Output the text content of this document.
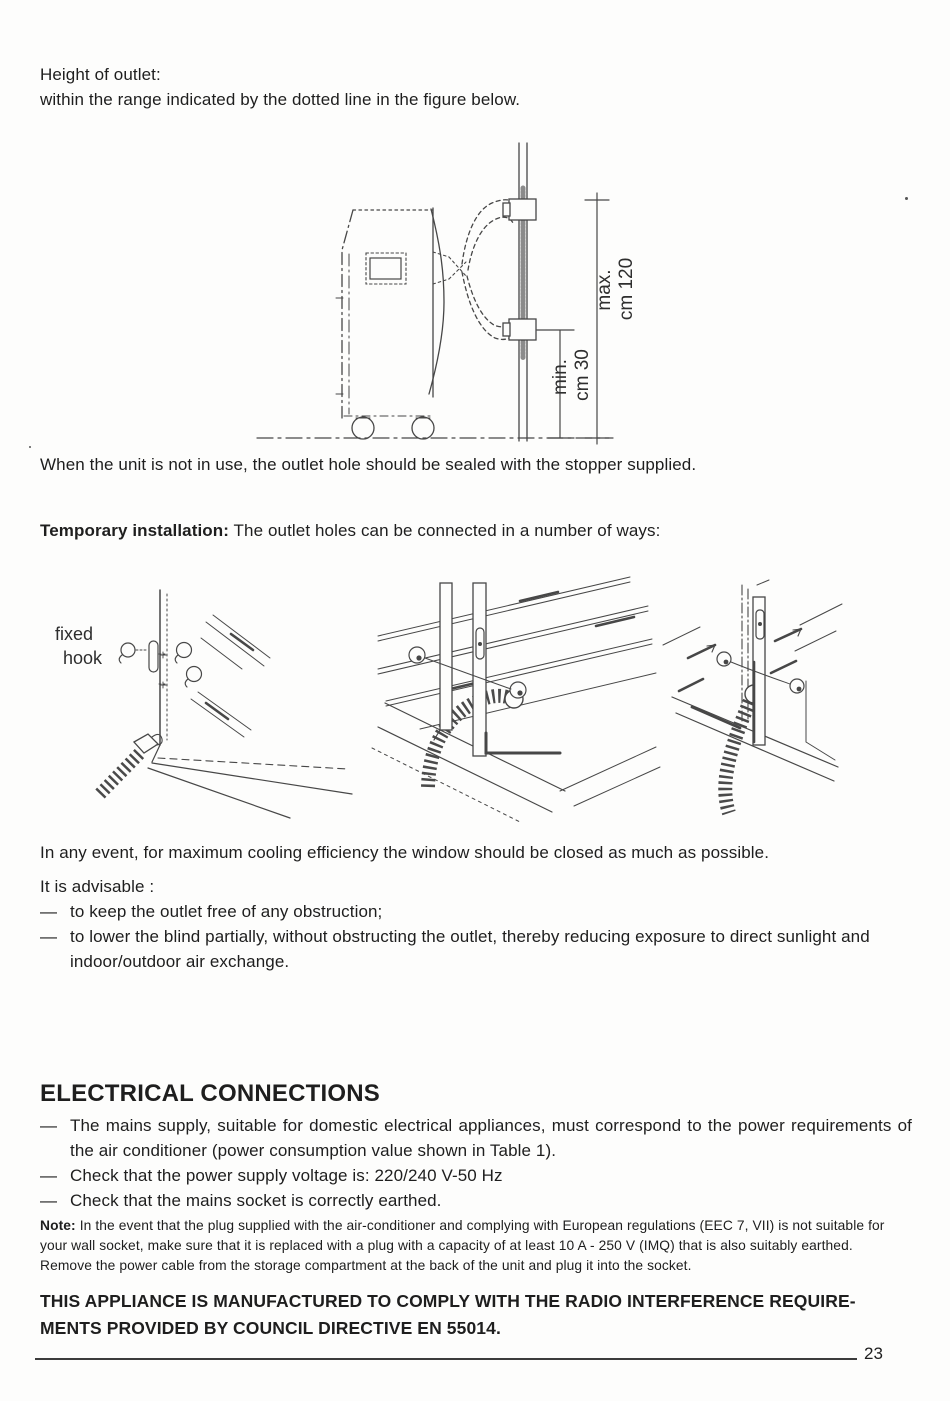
Height of outlet:
within the range indicated by the dotted line in the figure below.
min. cm 30
max. cm 120
When the unit is not in use, the outlet hole should be sealed with the stopper supplied.
Temporary installation: The outlet holes can be connected in a number of ways:
fixed
hook
In any event, for maximum cooling efficiency the window should be closed as much as possible.
It is advisable :
— to keep the outlet free of any obstruction;
— to lower the blind partially, without obstructing the outlet, thereby reducing exposure to direct sunlight and indoor/outdoor air exchange.
ELECTRICAL CONNECTIONS
— The mains supply, suitable for domestic electrical appliances, must correspond to the power requirements of the air conditioner (power consumption value shown in Table 1).
— Check that the power supply voltage is: 220/240 V-50 Hz
— Check that the mains socket is correctly earthed.
Note: In the event that the plug supplied with the air-conditioner and complying with European regulations (EEC 7, VII) is not suitable for your wall socket, make sure that it is replaced with a plug with a capacity of at least 10 A - 250 V (IMQ) that is also suitably earthed. Remove the power cable from the storage compartment at the back of the unit and plug it into the socket.
THIS APPLIANCE IS MANUFACTURED TO COMPLY WITH THE RADIO INTERFERENCE REQUIRE-
MENTS PROVIDED BY COUNCIL DIRECTIVE EN 55014.
23
